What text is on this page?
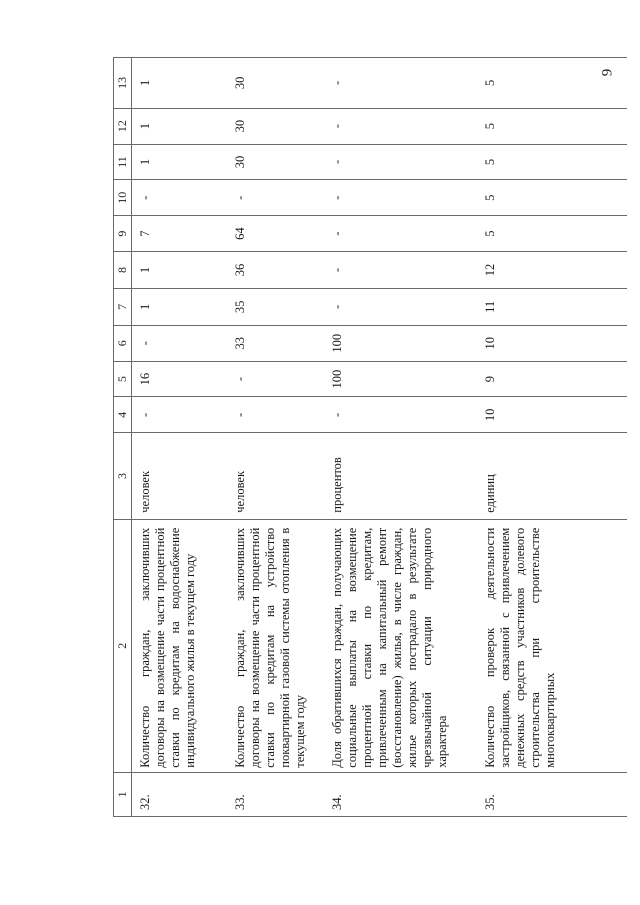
9
1	2	3	4	5	6	7	8	9	10	11	12	13
32.	Количество граждан, заключивших договоры на возмещение части процентной ставки по кредитам на водоснабжение индивидуального жилья в текущем году	человек	-	16	-	1	1	7	-	1	1	1
33.	Количество граждан, заключивших договоры на возмещение части процентной ставки по кредитам на устройство поквартирной газовой системы отопления в текущем году	человек	-	-	33	35	36	64	-	30	30	30
34.	Доля обратившихся граждан, получающих социальные выплаты на возмещение процентной ставки по кредитам, привлеченным на капитальный ремонт (восстановление) жилья, в числе граждан, жилье которых пострадало в результате чрезвычайной ситуации природного характера	процентов	-	100	100	-	-	-	-	-	-	-
35.	Количество проверок деятельности застройщиков, связанной с привлечением денежных средств участников долевого строительства при строительстве многоквартирных	единиц	10	9	10	11	12	5	5	5	5	5
